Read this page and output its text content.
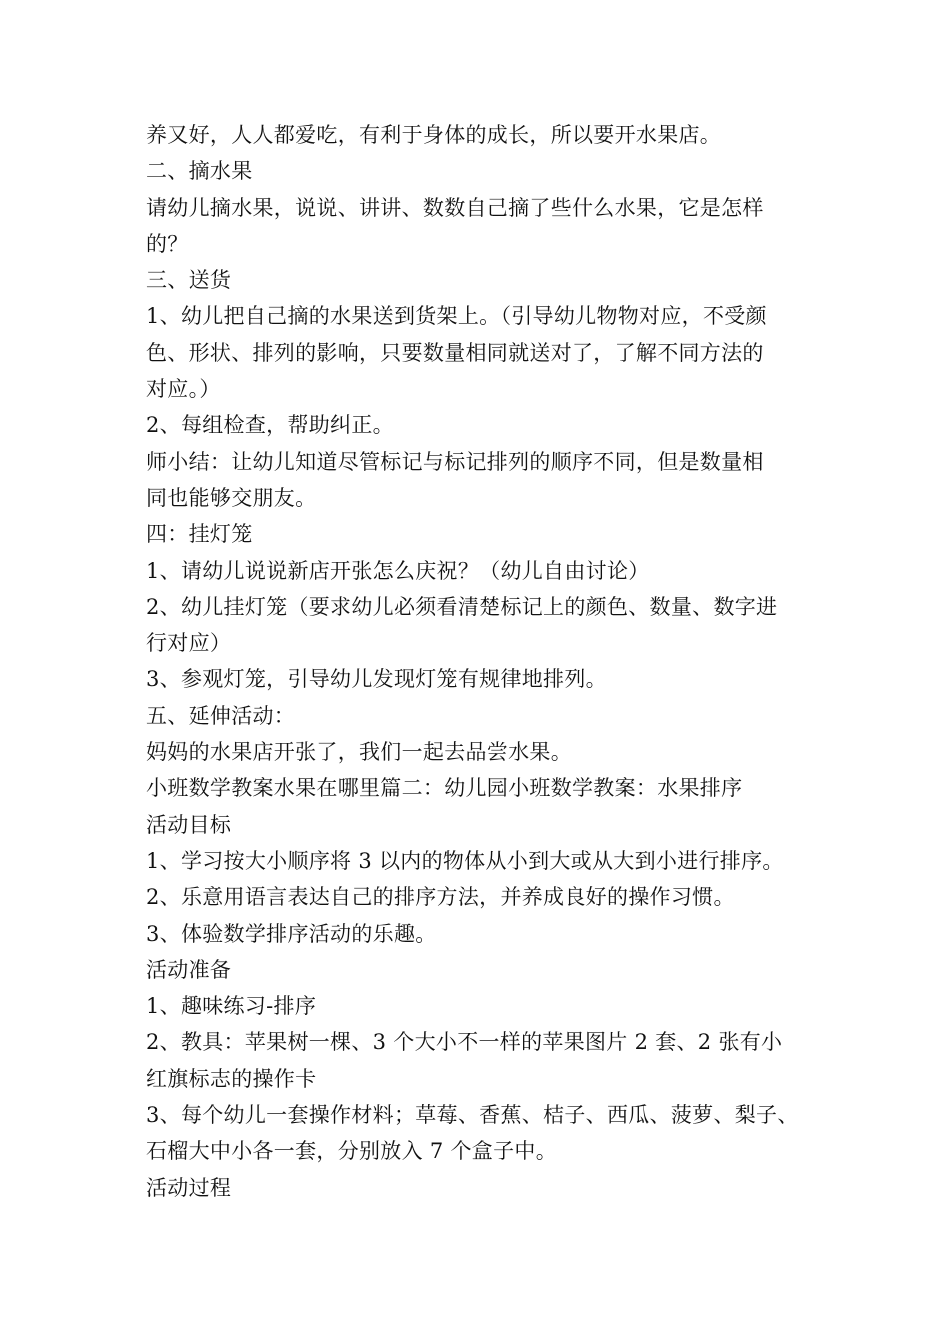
养又好，人人都爱吃，有利于身体的成长，所以要开水果店。
二、摘水果
请幼儿摘水果，说说、讲讲、数数自己摘了些什么水果，它是怎样
的？
三、送货
1、幼儿把自己摘的水果送到货架上。（引导幼儿物物对应，不受颜
色、形状、排列的影响，只要数量相同就送对了，了解不同方法的
对应。）
2、每组检查，帮助纠正。
师小结：让幼儿知道尽管标记与标记排列的顺序不同，但是数量相
同也能够交朋友。
四：挂灯笼
1、请幼儿说说新店开张怎么庆祝？（幼儿自由讨论）
2、幼儿挂灯笼（要求幼儿必须看清楚标记上的颜色、数量、数字进
行对应）
3、参观灯笼，引导幼儿发现灯笼有规律地排列。
五、延伸活动：
妈妈的水果店开张了，我们一起去品尝水果。
小班数学教案水果在哪里篇二：幼儿园小班数学教案：水果排序
活动目标
1、学习按大小顺序将 3 以内的物体从小到大或从大到小进行排序。
2、乐意用语言表达自己的排序方法，并养成良好的操作习惯。
3、体验数学排序活动的乐趣。
活动准备
1、趣味练习-排序
2、教具：苹果树一棵、3 个大小不一样的苹果图片 2 套、2 张有小
红旗标志的操作卡
3、每个幼儿一套操作材料；草莓、香蕉、桔子、西瓜、菠萝、梨子、
石榴大中小各一套，分别放入 7 个盒子中。
活动过程
